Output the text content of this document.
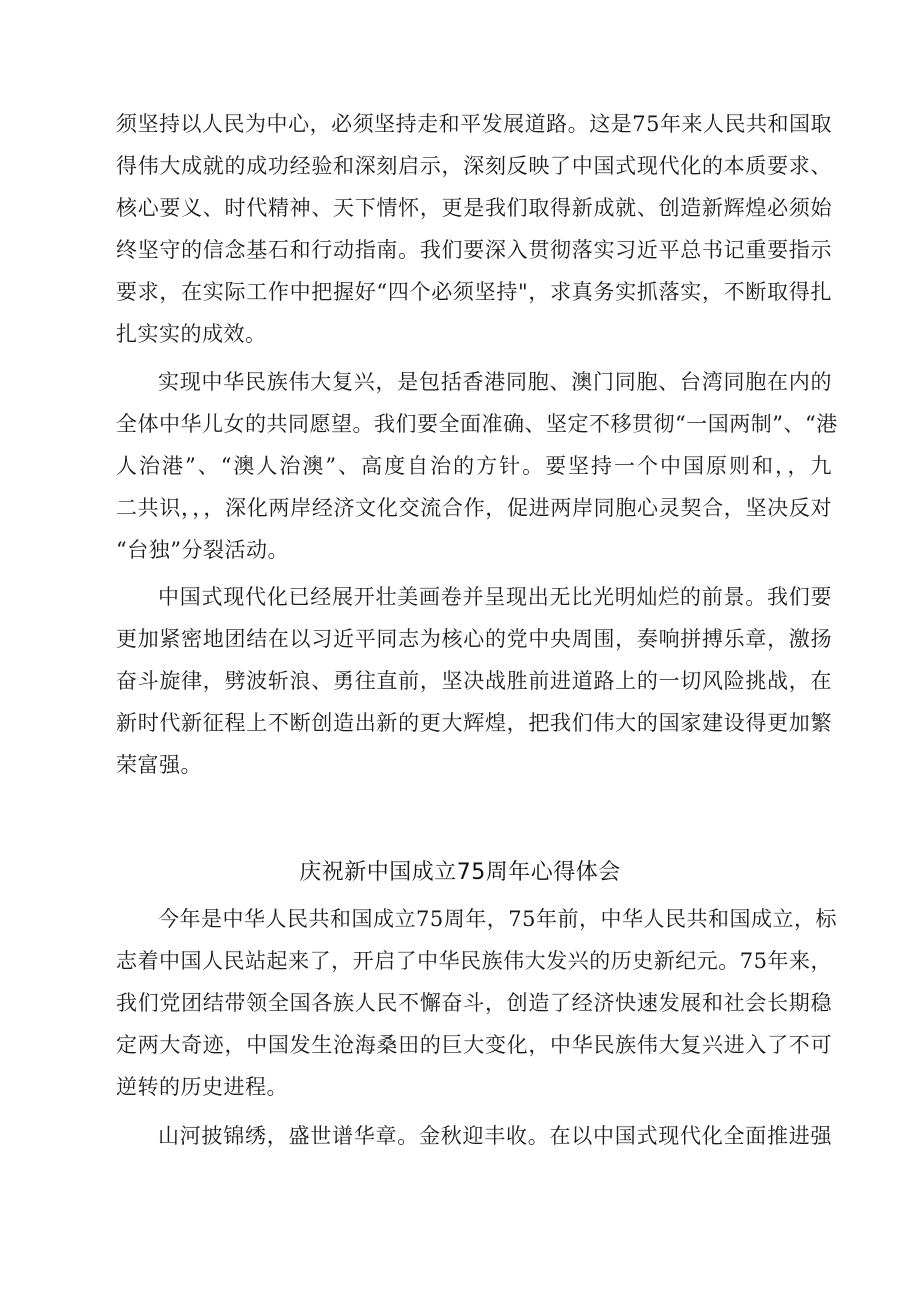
须坚持以人民为中心，必须坚持走和平发展道路。这是75年来人民共和国取
得伟大成就的成功经验和深刻启示，深刻反映了中国式现代化的本质要求、
核心要义、时代精神、天下情怀，更是我们取得新成就、创造新辉煌必须始
终坚守的信念基石和行动指南。我们要深入贯彻落实习近平总书记重要指示
要求，在实际工作中把握好“四个必须坚持"，求真务实抓落实，不断取得扎
扎实实的成效。
实现中华民族伟大复兴，是包括香港同胞、澳门同胞、台湾同胞在内的
全体中华儿女的共同愿望。我们要全面准确、坚定不移贯彻“一国两制”、“港
人治港”、“澳人治澳”、高度自治的方针。要坚持一个中国原则和，，九
二共识，，，深化两岸经济文化交流合作，促进两岸同胞心灵契合，坚决反对
“台独”分裂活动。
中国式现代化已经展开壮美画卷并呈现出无比光明灿烂的前景。我们要
更加紧密地团结在以习近平同志为核心的党中央周围，奏响拼搏乐章，激扬
奋斗旋律，劈波斩浪、勇往直前，坚决战胜前进道路上的一切风险挑战，在
新时代新征程上不断创造出新的更大辉煌，把我们伟大的国家建设得更加繁
荣富强。
庆祝新中国成立75周年心得体会
今年是中华人民共和国成立75周年，75年前，中华人民共和国成立，标
志着中国人民站起来了，开启了中华民族伟大发兴的历史新纪元。75年来，
我们党团结带领全国各族人民不懈奋斗，创造了经济快速发展和社会长期稳
定两大奇迹，中国发生沧海桑田的巨大变化，中华民族伟大复兴进入了不可
逆转的历史进程。
山河披锦绣，盛世谱华章。金秋迎丰收。在以中国式现代化全面推进强
